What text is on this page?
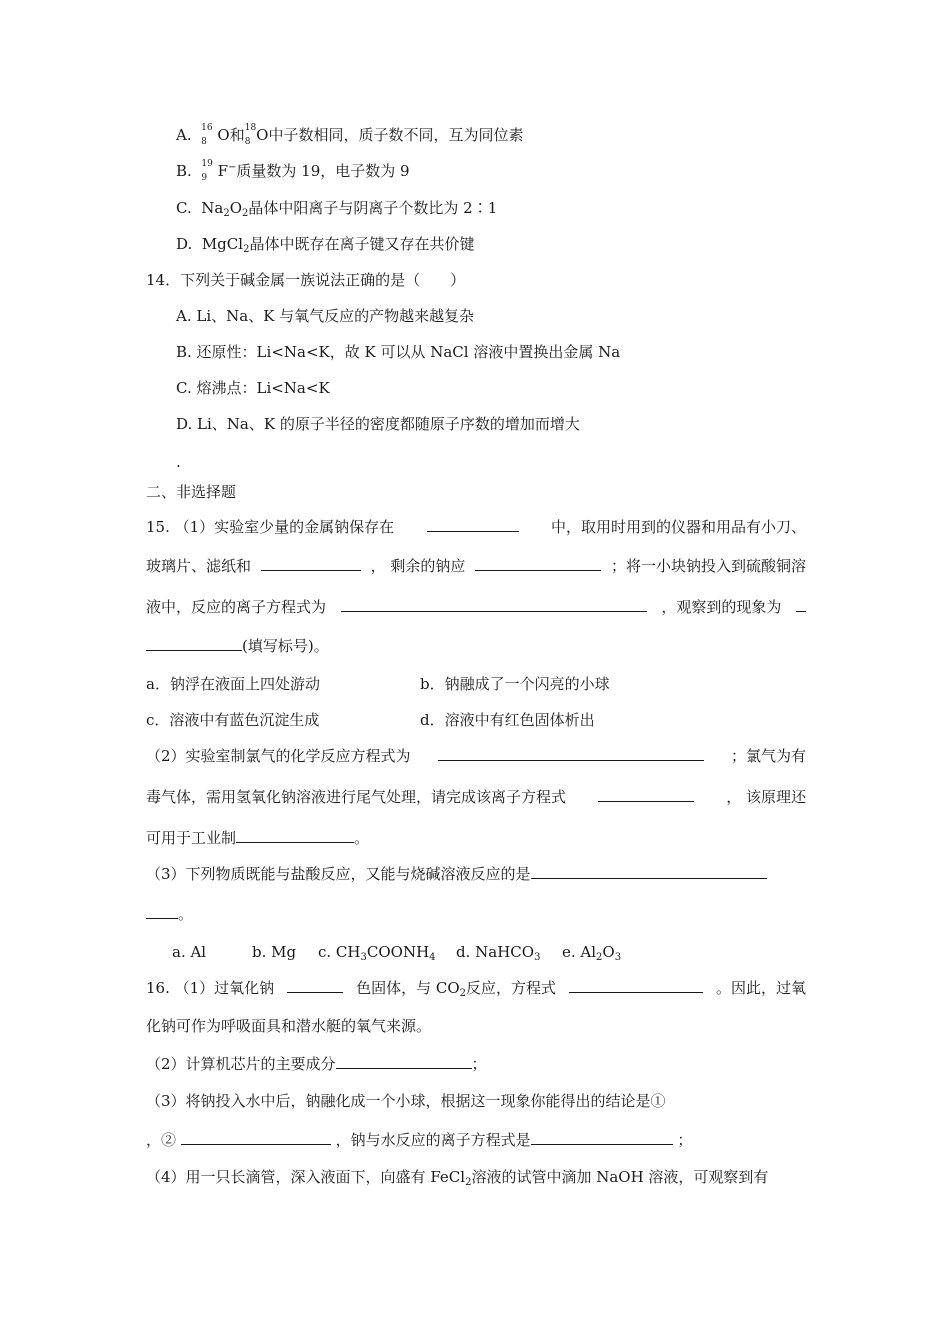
A. 16
8 O和 18
8 O中子数相同，质子数不同，互为同位素
B. 19
9 F−质量数为 19，电子数为 9
C. $Na_2O_2$晶体中阳离子与阴离子个数比为 2∶1
D. MgCl$_2$晶体中既存在离子键又存在共价键
14．下列关于碱金属一族说法正确的是（　　）
A. Li、Na、K 与氧气反应的产物越来越复杂
B. 还原性：Li<Na<K，故 K 可以从 NaCl 溶液中置换出金属 Na
C. 熔沸点：Li<Na<K
D. Li、Na、K 的原子半径的密度都随原子序数的增加而增大
.
二、非选择题
15. （1）实验室少量的金属钠保存在	中，取用时用到的仪器和用品有小刀、
玻璃片、滤纸和	， 剩余的钠应	；将一小块钠投入到硫酸铜溶
液中，反应的离子方程式为	，观察到的现象为
(填写标号)。
a．钠浮在液面上四处游动	b．钠融成了一个闪亮的小球
c．溶液中有蓝色沉淀生成	d．溶液中有红色固体析出
（2）实验室制氯气的化学反应方程式为	；氯气为有
毒气体，需用氢氧化钠溶液进行尾气处理，请完成该离子方程式	， 该原理还
可用于工业制	。
（3）下列物质既能与盐酸反应，又能与烧碱溶液反应的是
。
a. Al	b. Mg c. $CH_3COONH_4$ d. NaHCO$_3$ e. $Al_2O_3$
16. （1）过氧化钠	色固体，与 $CO_2$反应，方程式	。因此，过氧
化钠可作为呼吸面具和潜水艇的氧气来源。
（2）计算机芯片的主要成分	；
（3）将钠投入水中后，钠融化成一个小球，根据这一现象你能得出的结论是①
，②	，钠与水反应的离子方程式是	；
（4）用一只长滴管，深入液面下，向盛有 FeCl$_2$溶液的试管中滴加 NaOH 溶液，可观察到有
